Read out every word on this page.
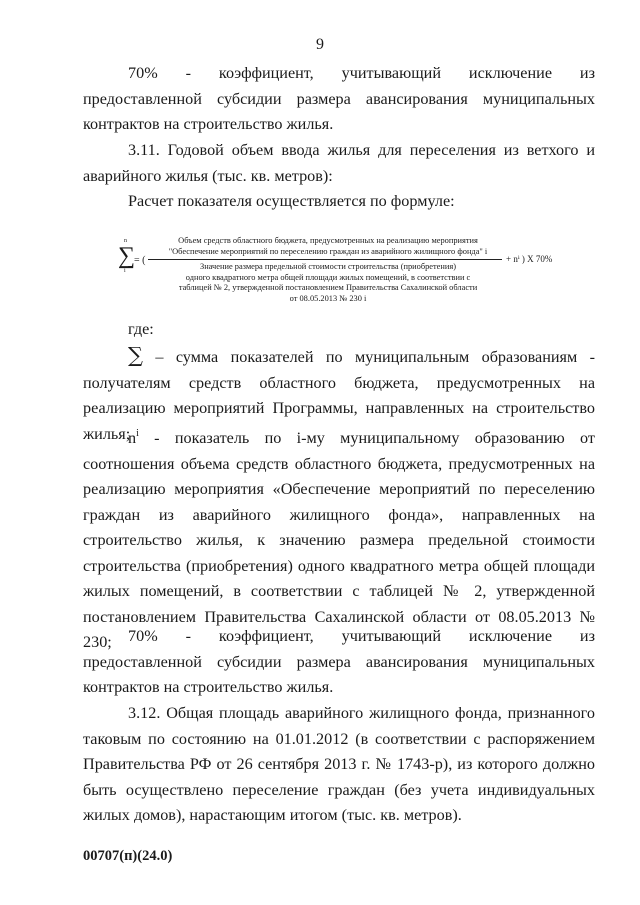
9

70% - коэффициент, учитывающий исключение из предоставленной субсидии размера авансирования муниципальных контрактов на строительство жилья.

3.11. Годовой объем ввода жилья для переселения из ветхого и аварийного жилья (тыс. кв. метров):

Расчет показателя осуществляется по формуле:

n
∑
i
= (
Объем средств областного бюджета, предусмотренных на реализацию мероприятия
"Обеспечение мероприятий по переселению граждан из аварийного жилищного фонда" i
Значение размера предельной стоимости строительства (приобретения)
одного квадратного метра общей площади жилых помещений, в соответствии с
таблицей № 2, утвержденной постановлением Правительства Сахалинской области
от 08.05.2013 № 230 i
+ nⁱ ) X 70%

где:

∑ – сумма показателей по муниципальным образованиям - получателям средств областного бюджета, предусмотренных на реализацию мероприятий Программы, направленных на строительство жилья;

$n^i$ - показатель по i-му муниципальному образованию от соотношения объема средств областного бюджета, предусмотренных на реализацию мероприятия «Обеспечение мероприятий по переселению граждан из аварийного жилищного фонда», направленных на строительство жилья, к значению размера предельной стоимости строительства (приобретения) одного квадратного метра общей площади жилых помещений, в соответствии с таблицей № 2, утвержденной постановлением Правительства Сахалинской области от 08.05.2013 № 230;	70% - коэффициент, учитывающий исключение из предоставленной субсидии размера авансирования муниципальных контрактов на строительство жилья.

3.12. Общая площадь аварийного жилищного фонда, признанного таковым по состоянию на 01.01.2012 (в соответствии с распоряжением Правительства РФ от 26 сентября 2013 г. № 1743-р), из которого должно быть осуществлено переселение граждан (без учета индивидуальных жилых домов), нарастающим итогом (тыс. кв. метров).

00707(п)(24.0)
